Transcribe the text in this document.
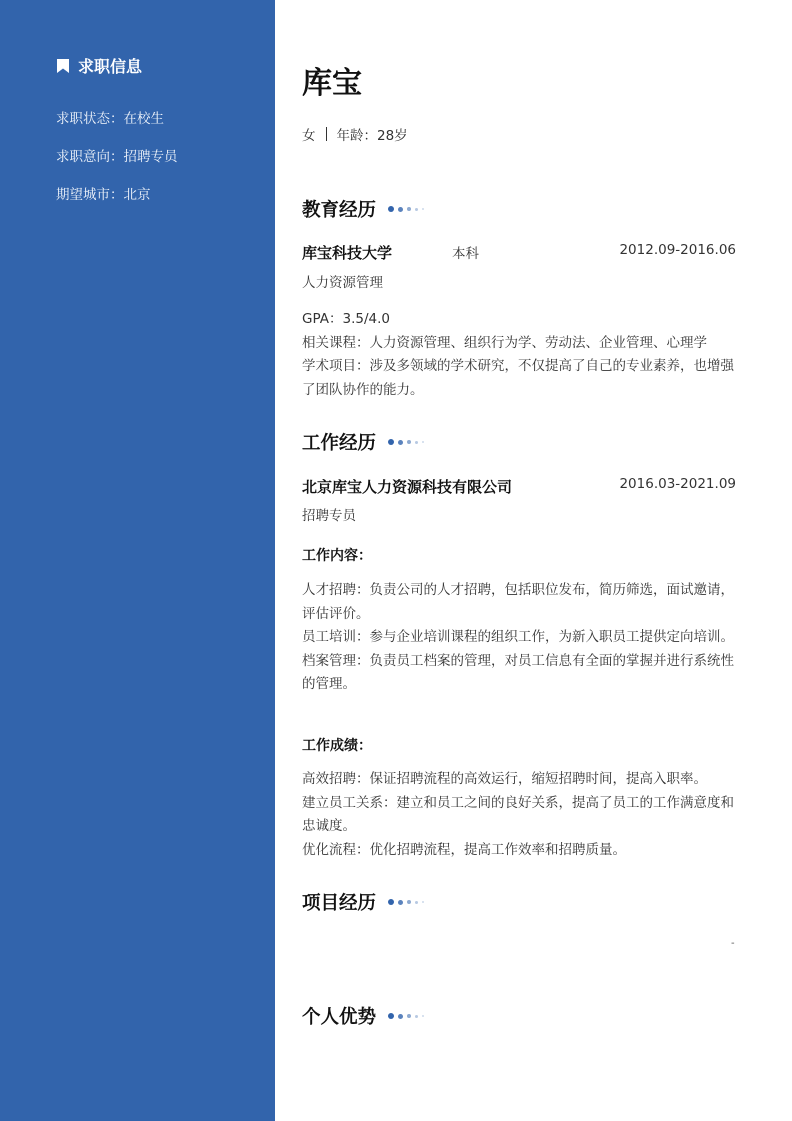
求职信息
求职状态：在校生
求职意向：招聘专员
期望城市：北京
库宝
女 年龄：28岁
教育经历
库宝科技大学	本科	2012.09-2016.06
人力资源管理
GPA：3.5/4.0
相关课程：人力资源管理、组织行为学、劳动法、企业管理、心理学
学术项目：涉及多领域的学术研究，不仅提高了自己的专业素养，也增强了团队协作的能力。
工作经历
北京库宝人力资源科技有限公司	2016.03-2021.09
招聘专员
工作内容：
人才招聘：负责公司的人才招聘，包括职位发布，简历筛选，面试邀请，评估评价。
员工培训：参与企业培训课程的组织工作，为新入职员工提供定向培训。
档案管理：负责员工档案的管理，对员工信息有全面的掌握并进行系统性的管理。
工作成绩：
高效招聘：保证招聘流程的高效运行，缩短招聘时间，提高入职率。
建立员工关系：建立和员工之间的良好关系，提高了员工的工作满意度和忠诚度。
优化流程：优化招聘流程，提高工作效率和招聘质量。
项目经历
-
个人优势
